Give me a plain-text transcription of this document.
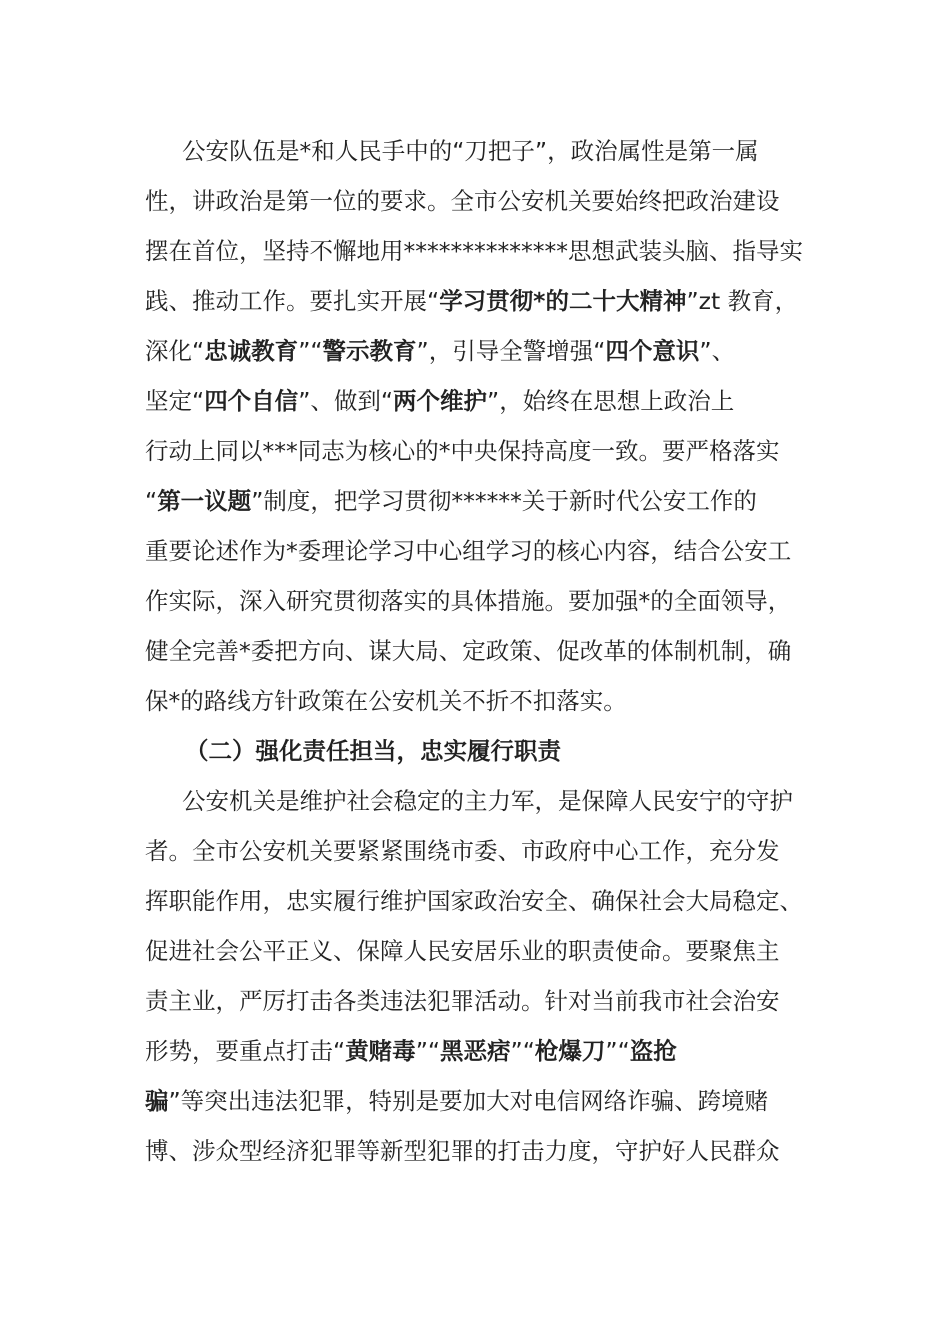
公安队伍是*和人民手中的“刀把子”，政治属性是第一属
性，讲政治是第一位的要求。全市公安机关要始终把政治建设
摆在首位，坚持不懈地用**************思想武装头脑、指导实
践、推动工作。要扎实开展“学习贯彻*的二十大精神”zt 教育，
深化“忠诚教育”“警示教育”，引导全警增强“四个意识”、
坚定“四个自信”、做到“两个维护”，始终在思想上政治上
行动上同以***同志为核心的*中央保持高度一致。要严格落实
“第一议题”制度，把学习贯彻******关于新时代公安工作的
重要论述作为*委理论学习中心组学习的核心内容，结合公安工
作实际，深入研究贯彻落实的具体措施。要加强*的全面领导，
健全完善*委把方向、谋大局、定政策、促改革的体制机制，确
保*的路线方针政策在公安机关不折不扣落实。
（二）强化责任担当，忠实履行职责
公安机关是维护社会稳定的主力军，是保障人民安宁的守护
者。全市公安机关要紧紧围绕市委、市政府中心工作，充分发
挥职能作用，忠实履行维护国家政治安全、确保社会大局稳定、
促进社会公平正义、保障人民安居乐业的职责使命。要聚焦主
责主业，严厉打击各类违法犯罪活动。针对当前我市社会治安
形势，要重点打击“黄赌毒”“黑恶痞”“枪爆刀”“盗抢
骗”等突出违法犯罪，特别是要加大对电信网络诈骗、跨境赌
博、涉众型经济犯罪等新型犯罪的打击力度，守护好人民群众
